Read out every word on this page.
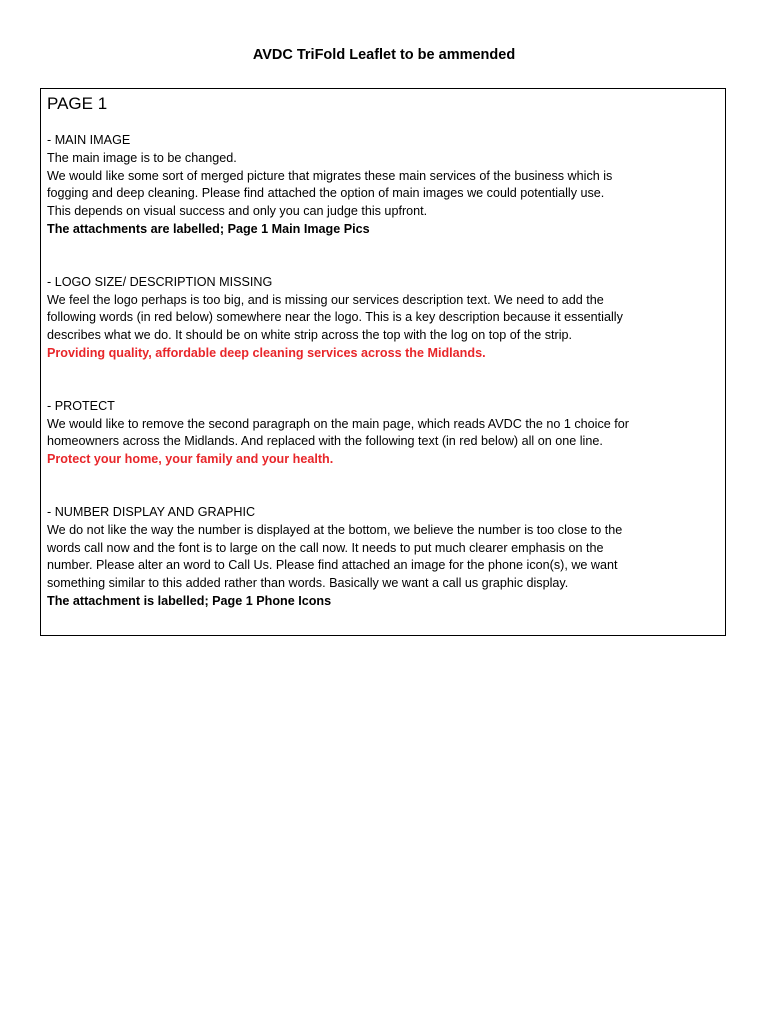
AVDC TriFold Leaflet to be ammended
PAGE 1

- MAIN IMAGE

The main image is to be changed.

We would like some sort of merged picture that migrates these main services of the business which is

fogging and deep cleaning. Please find attached the option of main images we could potentially use.

This depends on visual success and only you can judge this upfront.

The attachments are labelled; Page 1 Main Image Pics

- LOGO SIZE/ DESCRIPTION MISSING

We feel the logo perhaps is too big, and is missing our services description text. We need to add the

following words (in red below) somewhere near the logo. This is a key description because it essentially

describes what we do. It should be on white strip across the top with the log on top of the strip.

Providing quality, affordable deep cleaning services across the Midlands.

- PROTECT

We would like to remove the second paragraph on the main page, which reads AVDC the no 1 choice for

homeowners across the Midlands. And replaced with the following text (in red below) all on one line.

Protect your home, your family and your health.

- NUMBER DISPLAY AND GRAPHIC

We do not like the way the number is displayed at the bottom, we believe the number is too close to the

words call now and the font is to large on the call now. It needs to put much clearer emphasis on the

number. Please alter an word to Call Us. Please find attached an image for the phone icon(s), we want

something similar to this added rather than words. Basically we want a call us graphic display.

The attachment is labelled; Page 1 Phone Icons
